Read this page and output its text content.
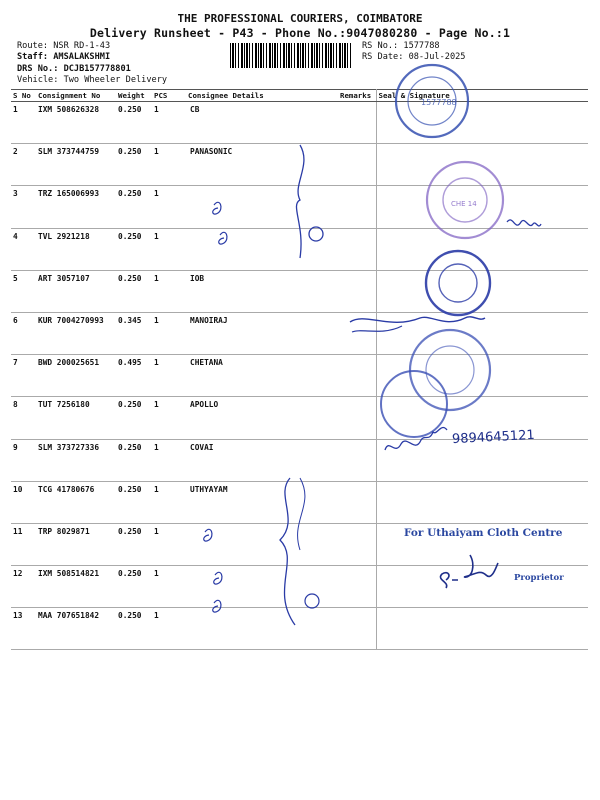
THE PROFESSIONAL COURIERS, COIMBATORE
Delivery Runsheet - P43 - Phone No.:9047080280 - Page No.:1
Route: NSR RD-1-43
Staff: AMSALAKSHMI
DRS No.: DCJB157778801
Vehicle: Two Wheeler Delivery
RS No.: 1577788
RS Date: 08-Jul-2025
S No	Consignment No	Weight	PCS	Consignee Details	Remarks	Seal & Signature
1	IXM 508626328	0.250	1	CB		
2	SLM 373744759	0.250	1	PANASONIC		
3	TRZ 165006993	0.250	1			
4	TVL 2921218	0.250	1			
5	ART 3057107	0.250	1	IOB		
6	KUR 7004270993	0.345	1	MANOIRAJ		
7	BWD 200025651	0.495	1	CHETANA		
8	TUT 7256180	0.250	1	APOLLO		
9	SLM 373727336	0.250	1	COVAI		
10	TCG 41780676	0.250	1	UTHYAYAM		
11	TRP 8029871	0.250	1			
12	IXM 508514821	0.250	1			
13	MAA 707651842	0.250	1			
1577788
CHE 14
9894645121
For Uthaiyam Cloth Centre
Proprietor
